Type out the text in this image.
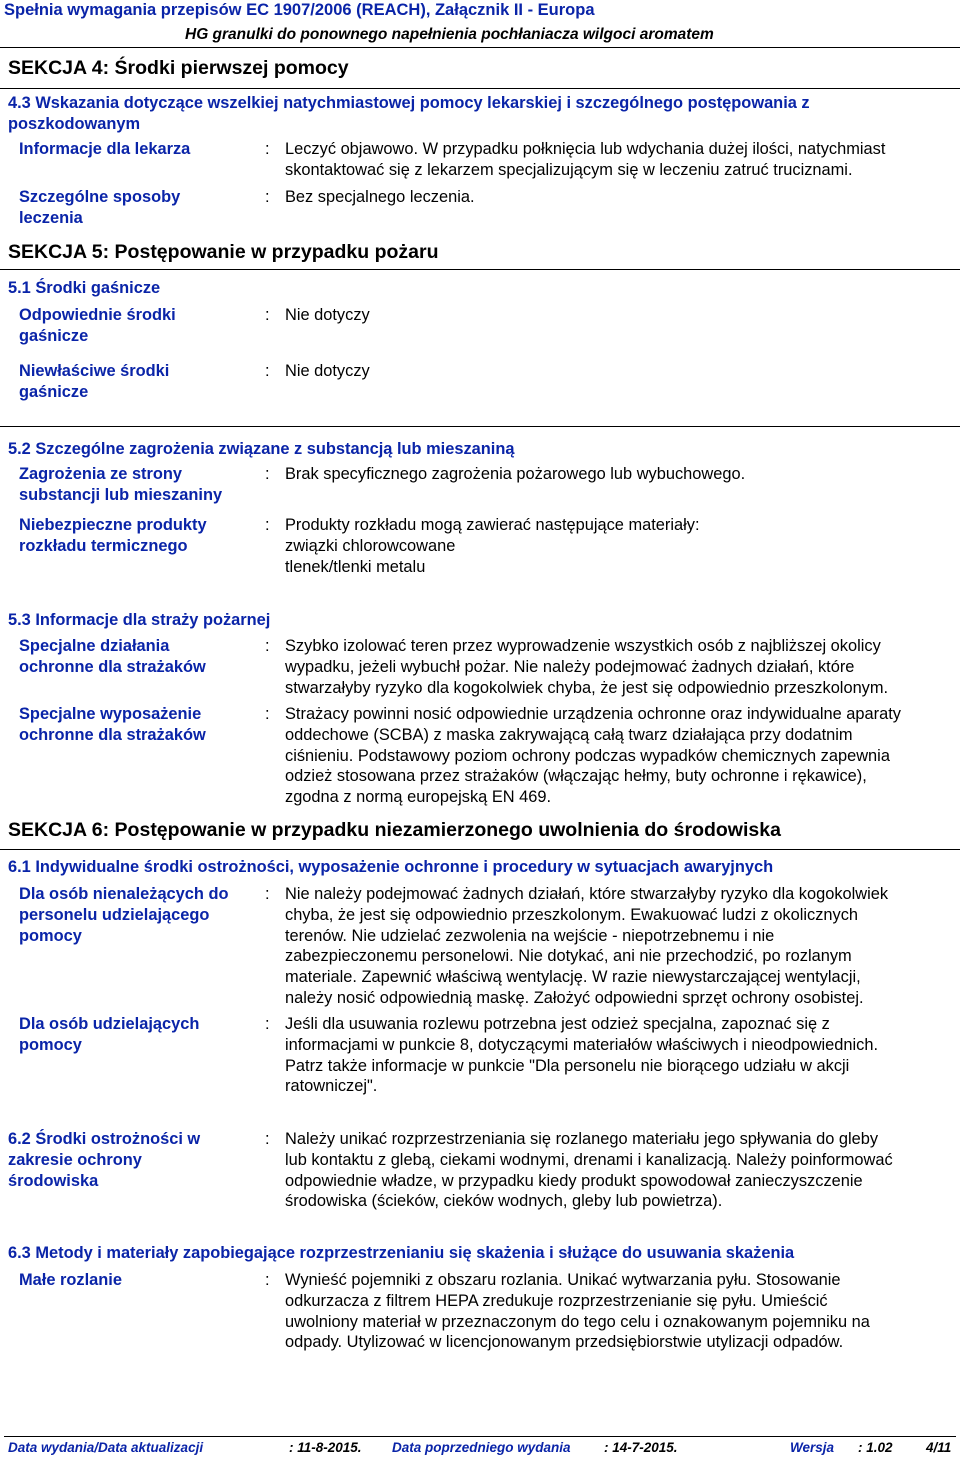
Spełnia wymagania przepisów EC 1907/2006 (REACH), Załącznik II - Europa
HG granulki do ponownego napełnienia pochłaniacza wilgoci aromatem
SEKCJA 4: Środki pierwszej pomocy
4.3 Wskazania dotyczące wszelkiej natychmiastowej pomocy lekarskiej i szczególnego postępowania z
poszkodowanym
Informacje dla lekarza	: Leczyć objawowo. W przypadku połknięcia lub wdychania dużej ilości, natychmiast
skontaktować się z lekarzem specjalizującym się w leczeniu zatruć truciznami.
Szczególne sposoby
leczenia
: Bez specjalnego leczenia.
SEKCJA 5: Postępowanie w przypadku pożaru
5.1 Środki gaśnicze
Odpowiednie środki
gaśnicze
: Nie dotyczy
Niewłaściwe środki
gaśnicze
: Nie dotyczy
5.2 Szczególne zagrożenia związane z substancją lub mieszaniną
Zagrożenia ze strony
substancji lub mieszaniny
: Brak specyficznego zagrożenia pożarowego lub wybuchowego.
Niebezpieczne produkty
rozkładu termicznego
: Produkty rozkładu mogą zawierać następujące materiały:
związki chlorowcowane
tlenek/tlenki metalu
5.3 Informacje dla straży pożarnej
Specjalne działania
ochronne dla strażaków
: Szybko izolować teren przez wyprowadzenie wszystkich osób z najbliższej okolicy
wypadku, jeżeli wybuchł pożar. Nie należy podejmować żadnych działań, które
stwarzałyby ryzyko dla kogokolwiek chyba, że jest się odpowiednio przeszkolonym.
Specjalne wyposażenie
ochronne dla strażaków
: Strażacy powinni nosić odpowiednie urządzenia ochronne oraz indywidualne aparaty
oddechowe (SCBA) z maska zakrywającą całą twarz działająca przy dodatnim
ciśnieniu. Podstawowy poziom ochrony podczas wypadków chemicznych zapewnia
odzież stosowana przez strażaków (włączając hełmy, buty ochronne i rękawice),
zgodna z normą europejską EN 469.
SEKCJA 6: Postępowanie w przypadku niezamierzonego uwolnienia do środowiska
6.1 Indywidualne środki ostrożności, wyposażenie ochronne i procedury w sytuacjach awaryjnych
Dla osób nienależących do
personelu udzielającego
pomocy
: Nie należy podejmować żadnych działań, które stwarzałyby ryzyko dla kogokolwiek
chyba, że jest się odpowiednio przeszkolonym. Ewakuować ludzi z okolicznych
terenów. Nie udzielać zezwolenia na wejście - niepotrzebnemu i nie
zabezpieczonemu personelowi. Nie dotykać, ani nie przechodzić, po rozlanym
materiale. Zapewnić właściwą wentylację. W razie niewystarczającej wentylacji,
należy nosić odpowiednią maskę. Założyć odpowiedni sprzęt ochrony osobistej.
Dla osób udzielających
pomocy
: Jeśli dla usuwania rozlewu potrzebna jest odzież specjalna, zapoznać się z
informacjami w punkcie 8, dotyczącymi materiałów właściwych i nieodpowiednich.
Patrz także informacje w punkcie "Dla personelu nie biorącego udziału w akcji
ratowniczej".
6.2 Środki ostrożności w
zakresie ochrony
środowiska
: Należy unikać rozprzestrzeniania się rozlanego materiału jego spływania do gleby
lub kontaktu z glebą, ciekami wodnymi, drenami i kanalizacją. Należy poinformować
odpowiednie władze, w przypadku kiedy produkt spowodował zanieczyszczenie
środowiska (ścieków, cieków wodnych, gleby lub powietrza).
6.3 Metody i materiały zapobiegające rozprzestrzenianiu się skażenia i służące do usuwania skażenia
Małe rozlanie	: Wynieść pojemniki z obszaru rozlania. Unikać wytwarzania pyłu. Stosowanie
odkurzacza z filtrem HEPA zredukuje rozprzestrzenianie się pyłu. Umieścić
uwolniony materiał w przeznaczonym do tego celu i oznakowanym pojemniku na
odpady. Utylizować w licencjonowanym przedsiębiorstwie utylizacji odpadów.
Data wydania/Data aktualizacji	: 11-8-2015. Data poprzedniego wydania : 14-7-2015.	Wersja : 1.02 4/11
